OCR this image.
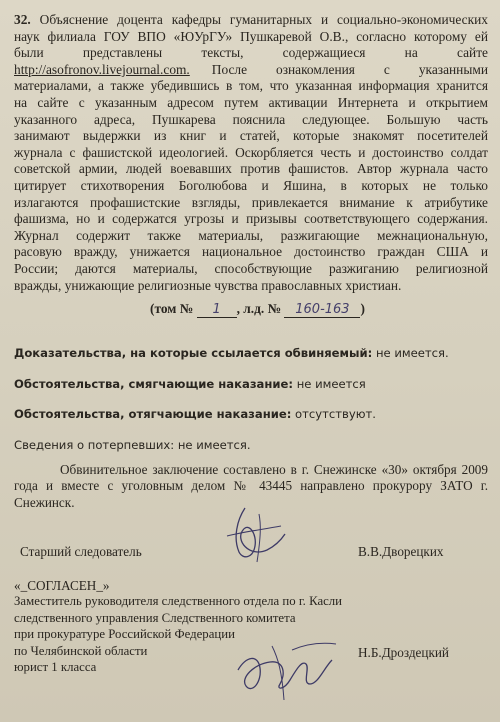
32. Объяснение доцента кафедры гуманитарных и социально-экономических

наук филиала ГОУ ВПО «ЮУрГУ» Пушкаревой О.В., согласно которому ей

были представлены тексты, содержащиеся на сайте

http://asofronov.livejournal.com. После ознакомления с указанными

материалами, а также убедившись в том, что указанная информация хранится

на сайте с указанным адресом путем активации Интернета и открытием

указанного адреса, Пушкарева пояснила следующее. Большую часть

занимают выдержки из книг и статей, которые знакомят посетителей

журнала с фашистской идеологией. Оскорбляется честь и достоинство солдат

советской армии, людей воевавших против фашистов. Автор журнала часто

цитирует стихотворения Боголюбова и Яшина, в которых не только

излагаются профашистские взгляды, привлекается внимание к атрибутике

фашизма, но и содержатся угрозы и призывы соответствующего содержания.

Журнал содержит также материалы, разжигающие межнациональную,

расовую вражду, унижается национальное достоинство граждан США и

России; даются материалы, способствующие разжиганию религиозной

вражды, унижающие религиозные чувства православных христиан.

(том № 1 , л.д. № 160-163 )
Доказательства, на которые ссылается обвиняемый: не имеется.
Обстоятельства, смягчающие наказание: не имеется
Обстоятельства, отягчающие наказание: отсутствуют.
Сведения о потерпевших: не имеется.
Обвинительное заключение составлено в г. Снежинске «30» октября 2009
года и вместе с уголовным делом № 43445 направлено прокурору ЗАТО г.
Снежинск.
Старший следователь	В.В.Дворецких
«_СОГЛАСЕН_»
Заместитель руководителя следственного отдела по г. Касли
следственного управления Следственного комитета
при прокуратуре Российской Федерации
по Челябинской области
юрист 1 класса
Н.Б.Дроздецкий
